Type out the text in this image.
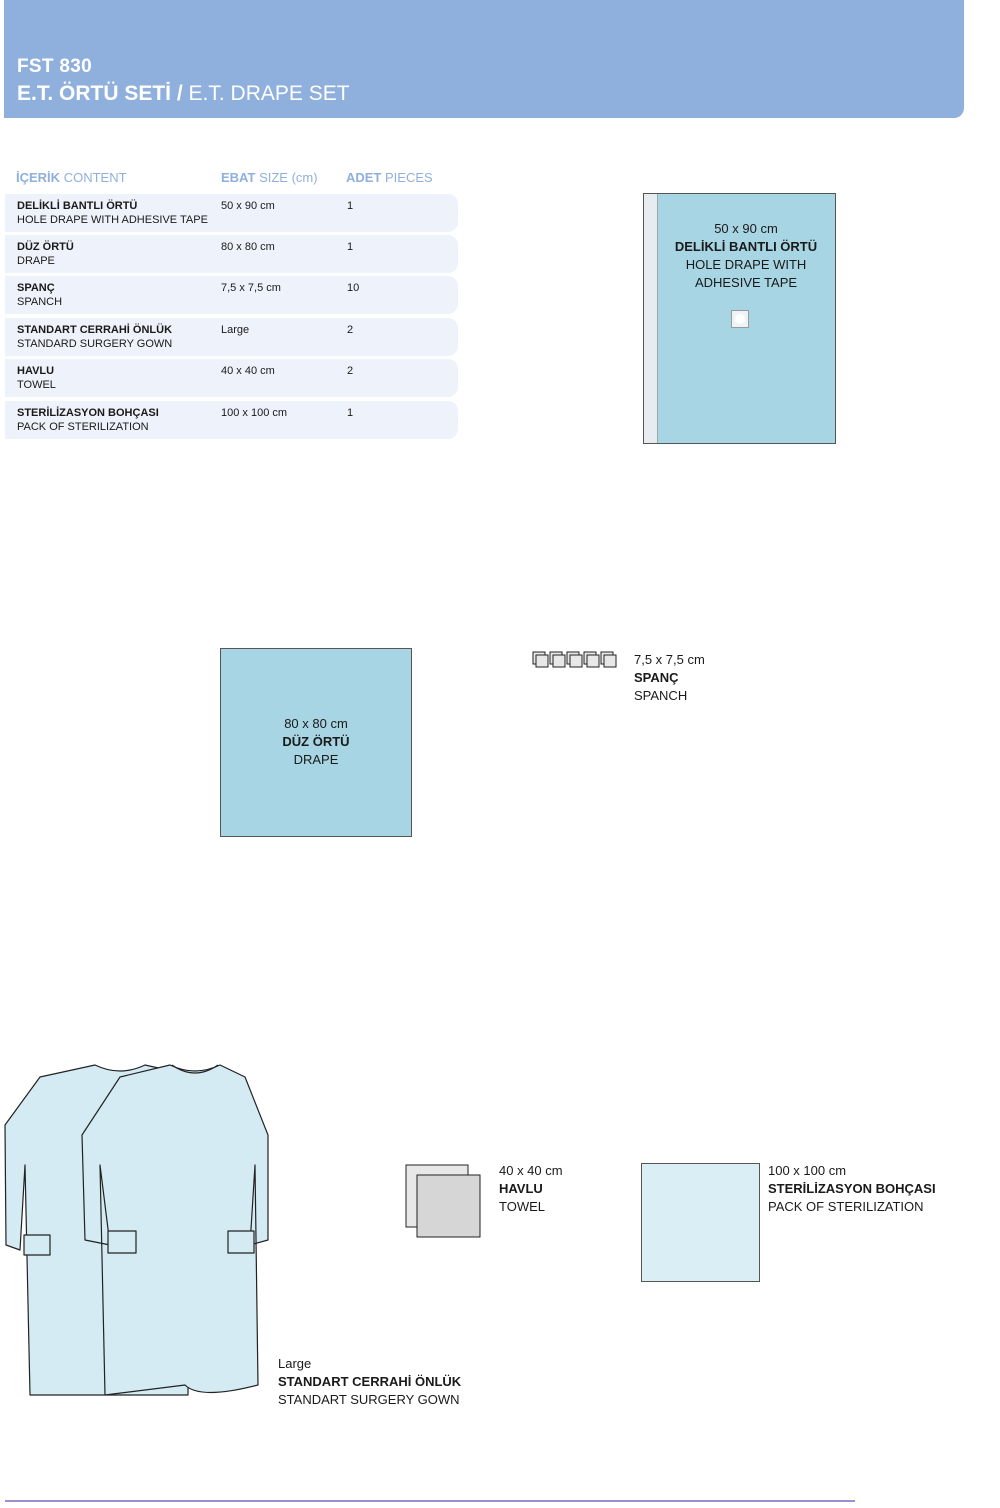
FST 830
E.T. ÖRTÜ SETİ / E.T. DRAPE SET
İÇERİK CONTENT	EBAT SIZE (cm) ADET PIECES
DELİKLİ BANTLI ÖRTÜ
HOLE DRAPE WITH ADHESIVE TAPE
50 x 90 cm	1
DÜZ ÖRTÜ
DRAPE
80 x 80 cm	1
SPANÇ
SPANCH
7,5 x 7,5 cm	10
STANDART CERRAHİ ÖNLÜK
STANDARD SURGERY GOWN
Large	2
HAVLU
TOWEL
40 x 40 cm	2
STERİLİZASYON BOHÇASI
PACK OF STERILIZATION
100 x 100 cm	1
50 x 90 cm
DELİKLİ BANTLI ÖRTÜ
HOLE DRAPE WITH
ADHESIVE TAPE
80 x 80 cm
DÜZ ÖRTÜ
DRAPE
7,5 x 7,5 cm
SPANÇ
SPANCH
Large
STANDART CERRAHİ ÖNLÜK
STANDART SURGERY GOWN
40 x 40 cm
HAVLU
TOWEL
100 x 100 cm
STERİLİZASYON BOHÇASI
PACK OF STERILIZATION
